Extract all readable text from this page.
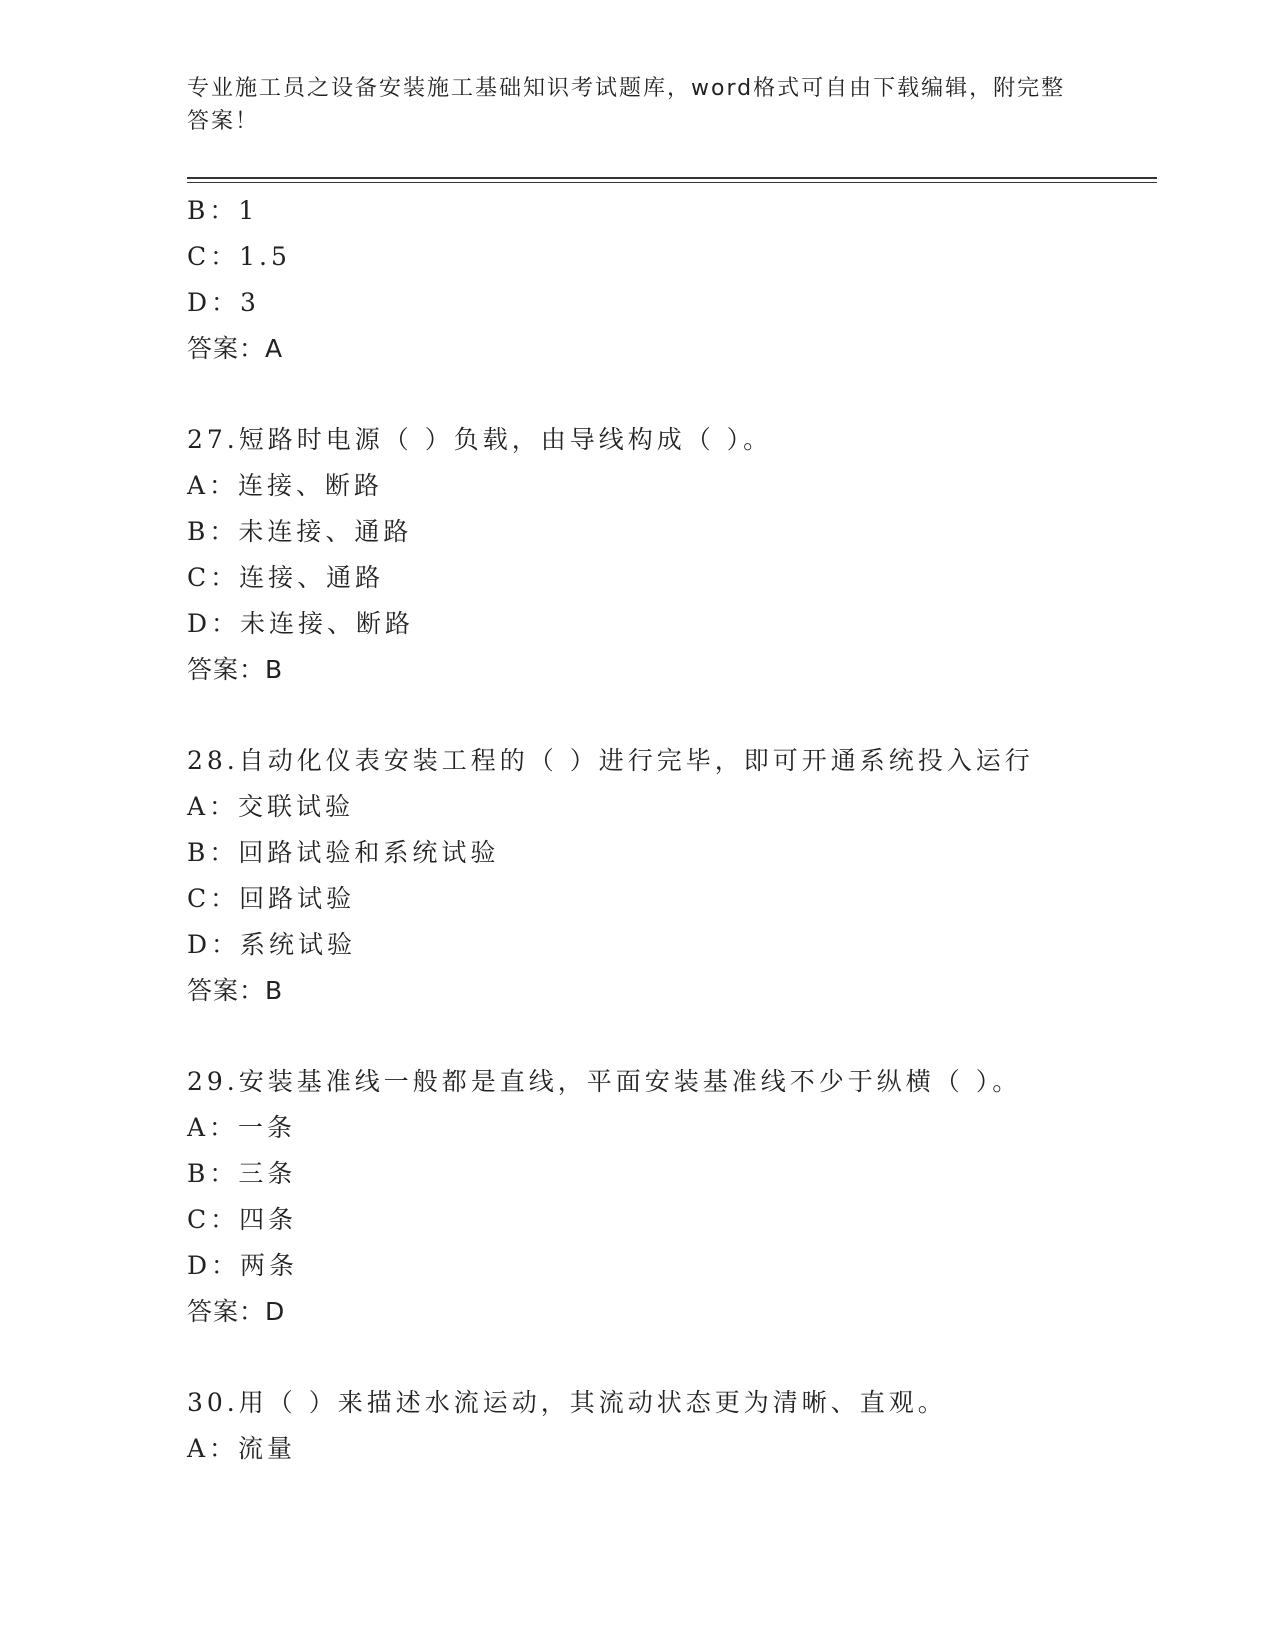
专业施工员之设备安装施工基础知识考试题库，word格式可自由下载编辑，附完整答案！
B：1
C：1.5
D：3
答案：A
27.短路时电源（ ）负载，由导线构成（ ）。
A：连接、断路
B：未连接、通路
C：连接、通路
D：未连接、断路
答案：B
28.自动化仪表安装工程的（ ）进行完毕，即可开通系统投入运行
A：交联试验
B：回路试验和系统试验
C：回路试验
D：系统试验
答案：B
29.安装基准线一般都是直线，平面安装基准线不少于纵横（ ）。
A：一条
B：三条
C：四条
D：两条
答案：D
30.用（ ）来描述水流运动，其流动状态更为清晰、直观。
A：流量
